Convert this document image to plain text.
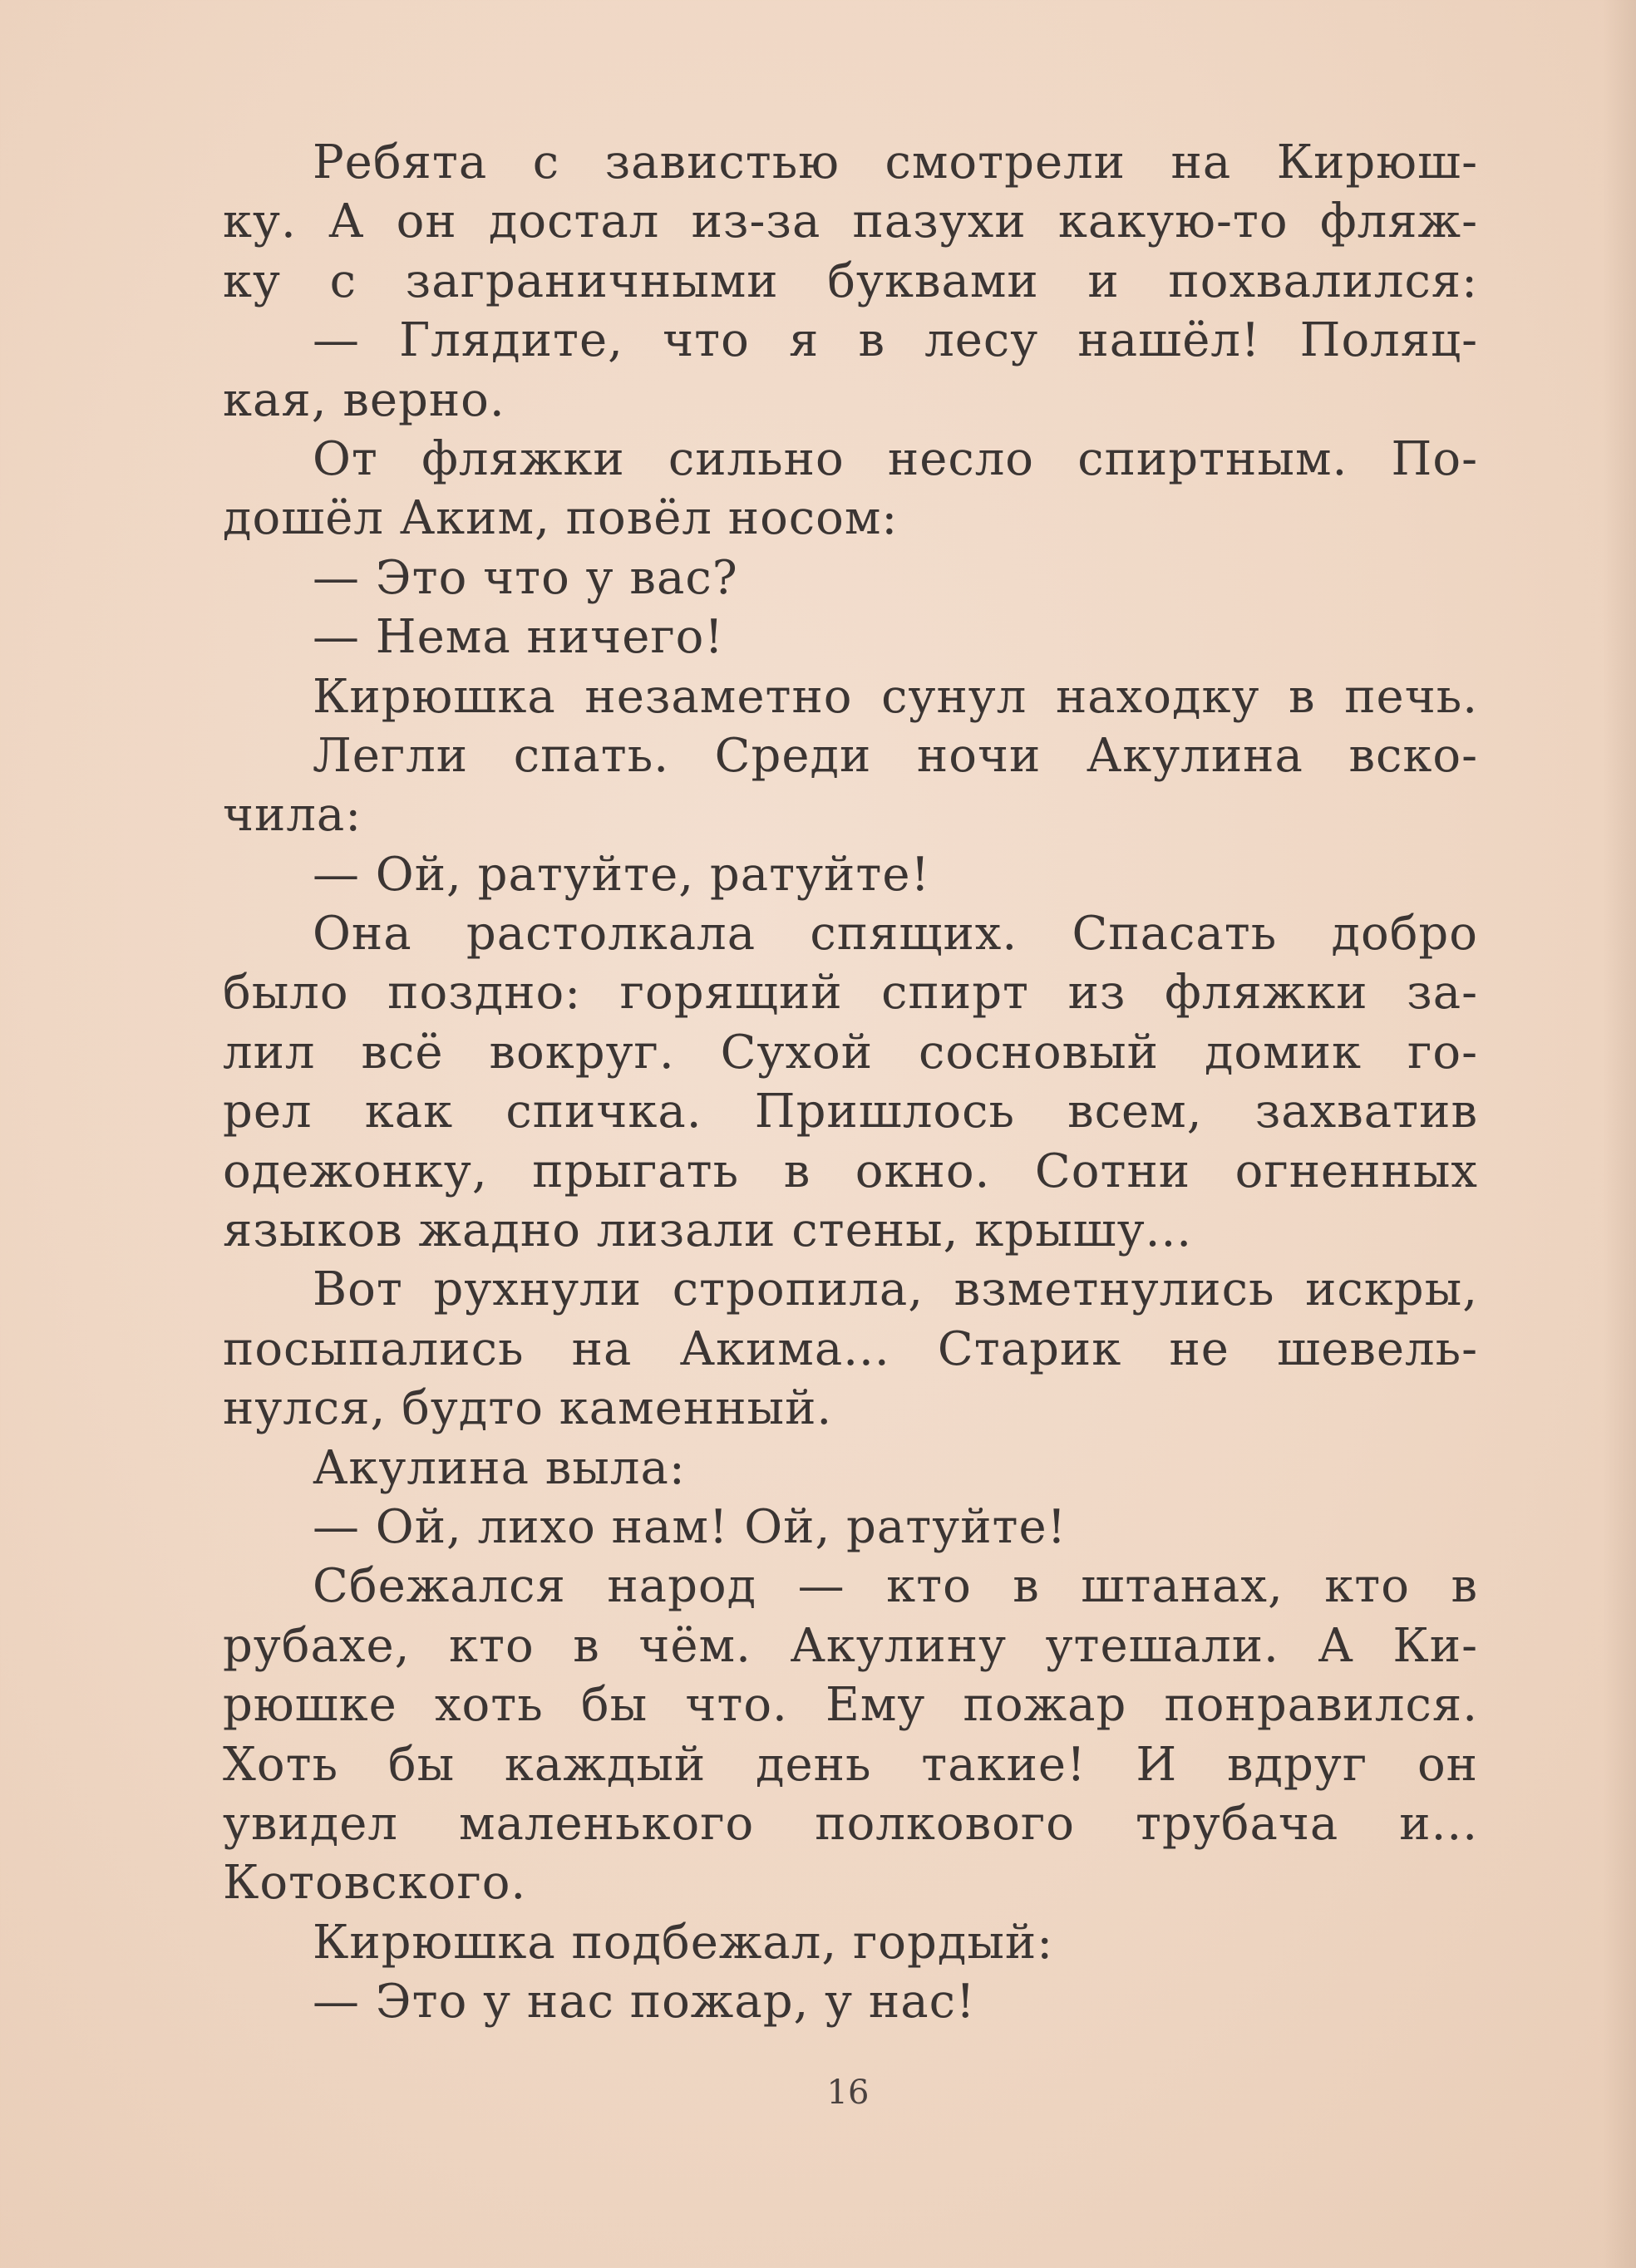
Ребята с завистью смотрели на Кирюш-
ку. А он достал из-за пазухи какую-то фляж-
ку с заграничными буквами и похвалился:
— Глядите, что я в лесу нашёл! Поляц-
кая, верно.
От фляжки сильно несло спиртным. По-
дошёл Аким, повёл носом:
— Это что у вас?
— Нема ничего!
Кирюшка незаметно сунул находку в печь.
Легли спать. Среди ночи Акулина вско-
чила:
— Ой, ратуйте, ратуйте!
Она растолкала спящих. Спасать добро
было поздно: горящий спирт из фляжки за-
лил всё вокруг. Сухой сосновый домик го-
рел как спичка. Пришлось всем, захватив
одежонку, прыгать в окно. Сотни огненных
языков жадно лизали стены, крышу...
Вот рухнули стропила, взметнулись искры,
посыпались на Акима... Старик не шевель-
нулся, будто каменный.
Акулина выла:
— Ой, лихо нам! Ой, ратуйте!
Сбежался народ — кто в штанах, кто в
рубахе, кто в чём. Акулину утешали. А Ки-
рюшке хоть бы что. Ему пожар понравился.
Хоть бы каждый день такие! И вдруг он
увидел маленького полкового трубача и...
Котовского.
Кирюшка подбежал, гордый:
— Это у нас пожар, у нас!
16
